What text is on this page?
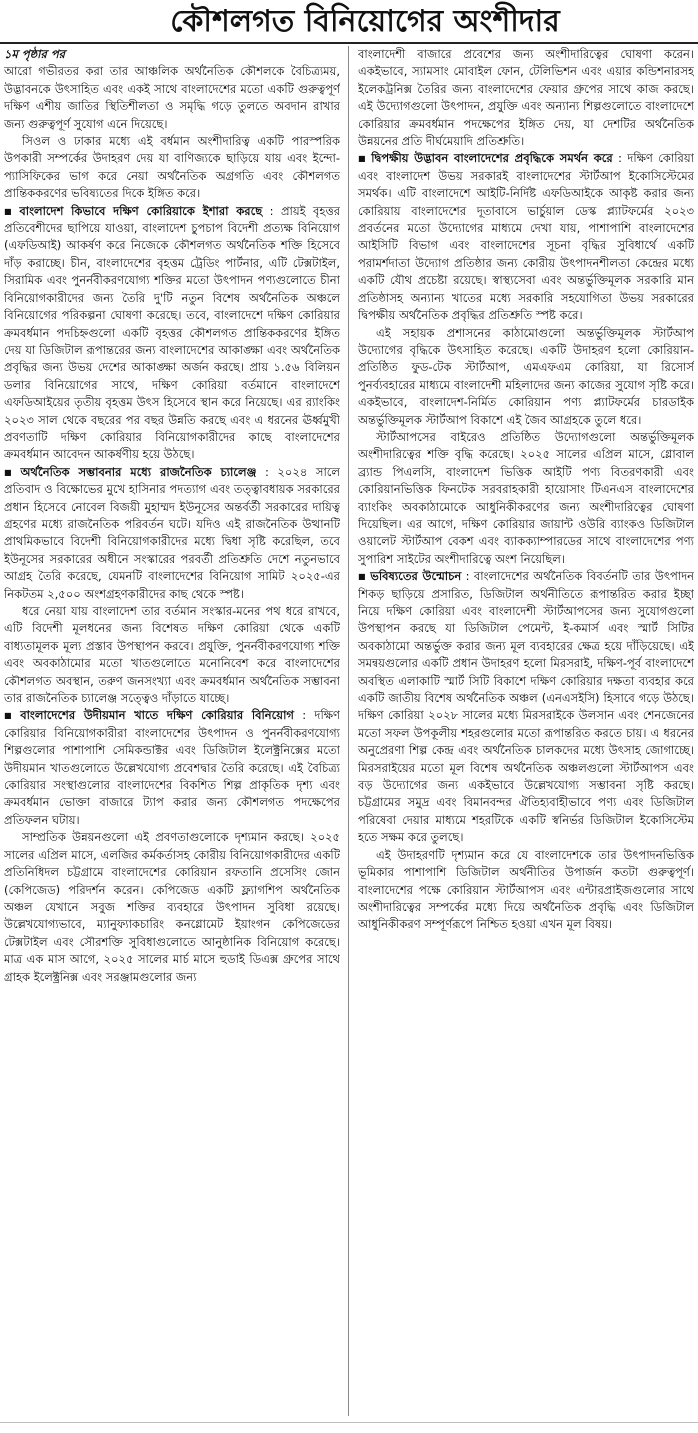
কৌশলগত বিনিয়োগের অংশীদার

১ম পৃষ্ঠার পর

আরো গভীরতর করা তার আঞ্চলিক অর্থনৈতিক কৌশলকে বৈচিত্র্যময়, উদ্ভাবনকে উৎসাহিত এবং একই সাথে বাংলাদেশের মতো একটি গুরুত্বপূর্ণ দক্ষিণ এশীয় জাতির স্থিতিশীলতা ও সমৃদ্ধি গড়ে তুলতে অবদান রাখার জন্য গুরুত্বপূর্ণ সুযোগ এনে দিয়েছে।

সিওল ও ঢাকার মধ্যে এই বর্ধমান অংশীদারিত্ব একটি পারস্পরিক উপকারী সম্পর্কের উদাহরণ দেয় যা বাণিজ্যকে ছাড়িয়ে যায় এবং ইন্দো-প্যাসিফিকের ভাগ করে নেয়া অর্থনৈতিক অগ্রগতি এবং কৌশলগত প্রান্তিককরণের ভবিষ্যতের দিকে ইঙ্গিত করে।

■ বাংলাদেশ কিভাবে দক্ষিণ কোরিয়াকে ইশারা করছে : প্রায়ই বৃহত্তর প্রতিবেশীদের ছাপিয়ে যাওয়া, বাংলাদেশ চুপচাপ বিদেশী প্রত্যক্ষ বিনিয়োগ (এফডিআই) আকর্ষণ করে নিজেকে কৌশলগত অর্থনৈতিক শক্তি হিসেবে দাঁড় করাচ্ছে। চীন, বাংলাদেশের বৃহত্তম ট্রেডিং পার্টনার, এটি টেক্সটাইল, সিরামিক এবং পুনর্নবীকরণযোগ্য শক্তির মতো উৎপাদন পণ্যগুলোতে চীনা বিনিয়োগকারীদের জন্য তৈরি দু'টি নতুন বিশেষ অর্থনৈতিক অঞ্চলে বিনিয়োগের পরিকল্পনা ঘোষণা করেছে। তবে, বাংলাদেশে দক্ষিণ কোরিয়ার ক্রমবর্ধমান পদচিহ্নগুলো একটি বৃহত্তর কৌশলগত প্রান্তিককরণের ইঙ্গিত দেয় যা ডিজিটাল রূপান্তরের জন্য বাংলাদেশের আকাঙ্ক্ষা এবং অর্থনৈতিক প্রবৃদ্ধির জন্য উভয় দেশের আকাঙ্ক্ষা অর্জন করছে। প্রায় ১.৫৬ বিলিয়ন ডলার বিনিয়োগের সাথে, দক্ষিণ কোরিয়া বর্তমানে বাংলাদেশে এফডিআইয়ের তৃতীয় বৃহত্তম উৎস হিসেবে স্থান করে নিয়েছে। এর র‍্যাংকিং ২০২৩ সাল থেকে বছরের পর বছর উন্নতি করছে এবং এ ধরনের ঊর্ধ্বমুখী প্রবণতাটি দক্ষিণ কোরিয়ার বিনিয়োগকারীদের কাছে বাংলাদেশের ক্রমবর্ধমান আবেদন আকর্ষণীয় হয়ে উঠছে।

■ অর্থনৈতিক সম্ভাবনার মধ্যে রাজনৈতিক চ্যালেঞ্জ : ২০২৪ সালে প্রতিবাদ ও বিক্ষোভের মুখে হাসিনার পদত্যাগ এবং তত্ত্বাবধায়ক সরকারের প্রধান হিসেবে নোবেল বিজয়ী মুহাম্মদ ইউনূসের অন্তর্বর্তী সরকারের দায়িত্ব গ্রহণের মধ্যে রাজনৈতিক পরিবর্তন ঘটে। যদিও এই রাজনৈতিক উত্থানটি প্রাথমিকভাবে বিদেশী বিনিয়োগকারীদের মধ্যে দ্বিধা সৃষ্টি করেছিল, তবে ইউনূসের সরকারের অধীনে সংস্কারের পরবর্তী প্রতিশ্রুতি দেশে নতুনভাবে আগ্রহ তৈরি করেছে, যেমনটি বাংলাদেশের বিনিয়োগ সামিট ২০২৫-এর নিকটতম ২,৫০০ অংশগ্রহণকারীদের কাছ থেকে স্পষ্ট।

ধরে নেয়া যায় বাংলাদেশ তার বর্তমান সংস্কার-মনের পথ ধরে রাখবে, এটি বিদেশী মূলধনের জন্য বিশেষত দক্ষিণ কোরিয়া থেকে একটি বাধ্যতামূলক মূল্য প্রস্তাব উপস্থাপন করবে। প্রযুক্তি, পুনর্নবীকরণযোগ্য শক্তি এবং অবকাঠামোর মতো খাতগুলোতে মনোনিবেশ করে বাংলাদেশের কৌশলগত অবস্থান, তরুণ জনসংখ্যা এবং ক্রমবর্ধমান অর্থনৈতিক সম্ভাবনা তার রাজনৈতিক চ্যালেঞ্জ সত্ত্বেও দাঁড়াতে যাচ্ছে।

■ বাংলাদেশের উদীয়মান খাতে দক্ষিণ কোরিয়ার বিনিয়োগ : দক্ষিণ কোরিয়ার বিনিয়োগকারীরা বাংলাদেশের উৎপাদন ও পুনর্নবীকরণযোগ্য শিল্পগুলোর পাশাপাশি সেমিকন্ডাক্টর এবং ডিজিটাল ইলেক্ট্রনিক্সের মতো উদীয়মান খাতগুলোতে উল্লেখযোগ্য প্রবেশদ্বার তৈরি করেছে। এই বৈচিত্র্য কোরিয়ার সংস্থাগুলোর বাংলাদেশের বিকশিত শিল্প প্রাকৃতিক দৃশ্য এবং ক্রমবর্ধমান ভোক্তা বাজারে ট্যাপ করার জন্য কৌশলগত পদক্ষেপের প্রতিফলন ঘটায়।

সাম্প্রতিক উন্নয়নগুলো এই প্রবণতাগুলোকে দৃশ্যমান করছে। ২০২৫ সালের এপ্রিল মাসে, এলজির কর্মকর্তাসহ কোরীয় বিনিয়োগকারীদের একটি প্রতিনিধিদল চট্টগ্রামে বাংলাদেশের কোরিয়ান রফতানি প্রসেসিং জোন (কেপিজেড) পরিদর্শন করেন। কেপিজেড একটি ফ্ল্যাগশিপ অর্থনৈতিক অঞ্চল যেখানে সবুজ শক্তির ব্যবহারে উৎপাদন সুবিধা রয়েছে। উল্লেখযোগ্যভাবে, ম্যানুফ্যাকচারিং কনগ্লোমেট ইয়াংগন কেপিজেডের টেক্সটাইল এবং সৌরশক্তি সুবিধাগুলোতে আনুষ্ঠানিক বিনিয়োগ করেছে। মাত্র এক মাস আগে, ২০২৫ সালের মার্চ মাসে হুডাই ডিএক্স গ্রুপের সাথে গ্রাহক ইলেক্ট্রনিক্স এবং সরঞ্জামগুলোর জন্য

বাংলাদেশী বাজারে প্রবেশের জন্য অংশীদারিত্বের ঘোষণা করেন। একইভাবে, স্যামসাং মোবাইল ফোন, টেলিভিশন এবং এয়ার কন্ডিশনারসহ ইলেকট্রনিক্স তৈরির জন্য বাংলাদেশের ফেয়ার গ্রুপের সাথে কাজ করছে। এই উদ্যোগগুলো উৎপাদন, প্রযুক্তি এবং অন্যান্য শিল্পগুলোতে বাংলাদেশে কোরিয়ার ক্রমবর্ধমান পদক্ষেপের ইঙ্গিত দেয়, যা দেশটির অর্থনৈতিক উন্নয়নের প্রতি দীর্ঘমেয়াদি প্রতিশ্রুতি।

■ দ্বিপক্ষীয় উদ্ভাবন বাংলাদেশের প্রবৃদ্ধিকে সমর্থন করে : দক্ষিণ কোরিয়া এবং বাংলাদেশ উভয় সরকারই বাংলাদেশের স্টার্টআপ ইকোসিস্টেমের সমর্থক। এটি বাংলাদেশে আইটি-নির্দিষ্ট এফডিআইকে আকৃষ্ট করার জন্য কোরিয়ায় বাংলাদেশের দূতাবাসে ভার্চুয়াল ডেস্ক প্ল্যাটফর্মের ২০২৩ প্রবর্তনের মতো উদ্যোগের মাধ্যমে দেখা যায়, পাশাপাশি বাংলাদেশের আইসিটি বিভাগ এবং বাংলাদেশের সূচনা বৃদ্ধির সুবিধার্থে একটি পরামর্শদাতা উদ্যোগ প্রতিষ্ঠার জন্য কোরীয় উৎপাদনশীলতা কেন্দ্রের মধ্যে একটি যৌথ প্রচেষ্টা রয়েছে। স্বাস্থ্যসেবা এবং অন্তর্ভুক্তিমূলক সরকারি মান প্রতিষ্ঠাসহ অন্যান্য খাতের মধ্যে সরকারি সহযোগিতা উভয় সরকারের দ্বিপক্ষীয় অর্থনৈতিক প্রবৃদ্ধির প্রতিশ্রুতি স্পষ্ট করে।

এই সহায়ক প্রশাসনের কাঠামোগুলো অন্তর্ভুক্তিমূলক স্টার্টআপ উদ্যোগের বৃদ্ধিকে উৎসাহিত করেছে। একটি উদাহরণ হলো কোরিয়ান-প্রতিষ্ঠিত ফুড-টেক স্টার্টআপ, এমএফএম কোরিয়া, যা রিসোর্স পুনর্ব্যবহারের মাধ্যমে বাংলাদেশী মহিলাদের জন্য কাজের সুযোগ সৃষ্টি করে। একইভাবে, বাংলাদেশ-নির্মিত কোরিয়ান পণ্য প্ল্যাটফর্মের চারডাইক অন্তর্ভুক্তিমূলক স্টার্টআপ বিকাশে এই জৈব আগ্রহকে তুলে ধরে।

স্টার্টআপসের বাইরেও প্রতিষ্ঠিত উদ্যোগগুলো অন্তর্ভুক্তিমূলক অংশীদারিত্বের শক্তি বৃদ্ধি করেছে। ২০২৫ সালের এপ্রিল মাসে, গ্লোবাল ব্র্যান্ড পিএলসি, বাংলাদেশ ভিত্তিক আইটি পণ্য বিতরণকারী এবং কোরিয়ানভিত্তিক ফিনটেক সরবরাহকারী হায়োসাং টিএনএস বাংলাদেশের ব্যাংকিং অবকাঠামোকে আধুনিকীকরণের জন্য অংশীদারিত্বের ঘোষণা দিয়েছিল। এর আগে, দক্ষিণ কোরিয়ার জায়ান্ট ওউরি ব্যাংকও ডিজিটাল ওয়ালেট স্টার্টআপ বেকশ এবং ব্যাকক্যাম্পারডের সাথে বাংলাদেশের পণ্য সুপারিশ সাইটের অংশীদারিত্বে অংশ নিয়েছিল।

■ ভবিষ্যতের উন্মোচন : বাংলাদেশের অর্থনৈতিক বিবর্তনটি তার উৎপাদন শিকড় ছাড়িয়ে প্রসারিত, ডিজিটাল অর্থনীতিতে রূপান্তরিত করার ইচ্ছা নিয়ে দক্ষিণ কোরিয়া এবং বাংলাদেশী স্টার্টআপসের জন্য সুযোগগুলো উপস্থাপন করছে যা ডিজিটাল পেমেন্ট, ই-কমার্স এবং স্মার্ট সিটির অবকাঠামো অন্তর্ভুক্ত করার জন্য মূল ব্যবহারের ক্ষেত্র হয়ে দাঁড়িয়েছে। এই সমন্বয়গুলোর একটি প্রধান উদাহরণ হলো মিরসরাই, দক্ষিণ-পূর্ব বাংলাদেশে অবস্থিত এলাকাটি স্মার্ট সিটি বিকাশে দক্ষিণ কোরিয়ার দক্ষতা ব্যবহার করে একটি জাতীয় বিশেষ অর্থনৈতিক অঞ্চল (এনএসইসি) হিসাবে গড়ে উঠছে। দক্ষিণ কোরিয়া ২০২৮ সালের মধ্যে মিরসরাইকে উলসান এবং শেনজেনের মতো সফল উপকূলীয় শহরগুলোর মতো রূপান্তরিত করতে চায়। এ ধরনের অনুপ্রেরণা শিল্প কেন্দ্র এবং অর্থনৈতিক চালকদের মধ্যে উৎসাহ জোগাচ্ছে। মিরসরাইয়ের মতো মূল বিশেষ অর্থনৈতিক অঞ্চলগুলো স্টার্টআপস এবং বড় উদ্যোগের জন্য একইভাবে উল্লেখযোগ্য সম্ভাবনা সৃষ্টি করছে। চট্টগ্রামের সমুদ্র এবং বিমানবন্দর ঐতিহ্যবাহীভাবে পণ্য এবং ডিজিটাল পরিষেবা দেয়ার মাধ্যমে শহরটিকে একটি স্বনির্ভর ডিজিটাল ইকোসিস্টেম হতে সক্ষম করে তুলছে।

এই উদাহরণটি দৃশ্যমান করে যে বাংলাদেশকে তার উৎপাদনভিত্তিক ভূমিকার পাশাপাশি ডিজিটাল অর্থনীতির উপার্জন কতটা গুরুত্বপূর্ণ। বাংলাদেশের পক্ষে কোরিয়ান স্টার্টআপস এবং এন্টারপ্রাইজগুলোর সাথে অংশীদারিত্বের সম্পর্কের মধ্যে দিয়ে অর্থনৈতিক প্রবৃদ্ধি এবং ডিজিটাল আধুনিকীকরণ সম্পূর্ণরূপে নিশ্চিত হওয়া এখন মূল বিষয়।
